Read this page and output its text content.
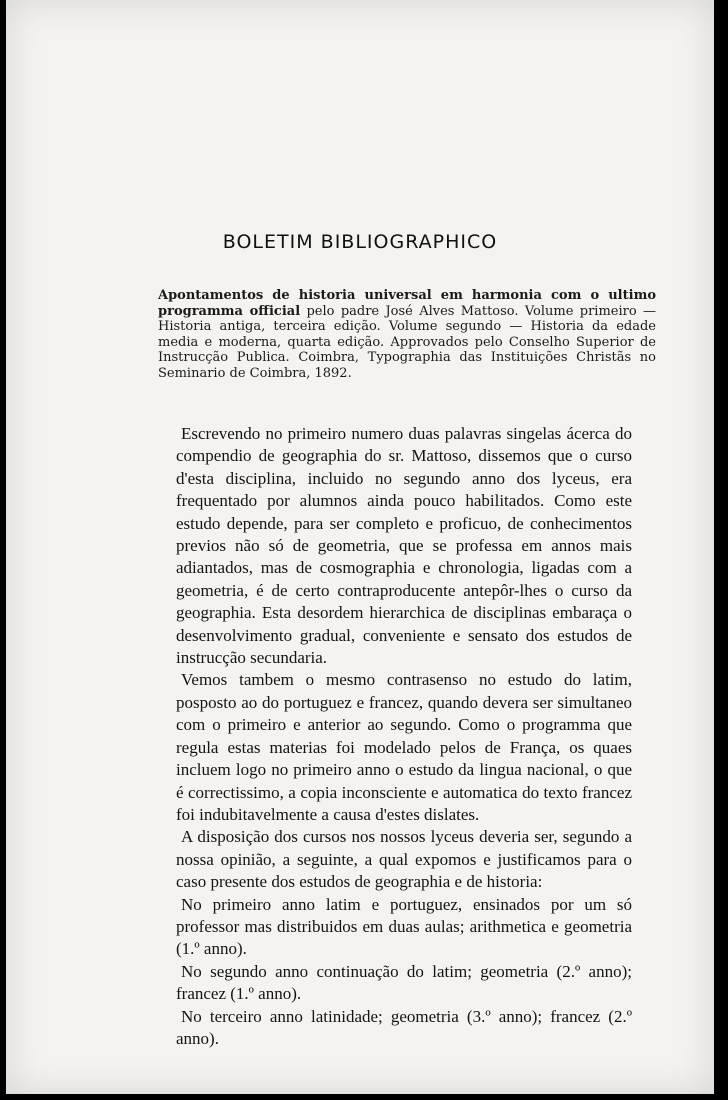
BOLETIM BIBLIOGRAPHICO
Apontamentos de historia universal em harmonia com o ultimo programma official pelo padre José Alves Mattoso. Volume primeiro —Historia antiga, terceira edição. Volume segundo — Historia da edade media e moderna, quarta edição. Approvados pelo Conselho Superior de Instrucção Publica. Coimbra, Typographia das Instituições Christãs no Seminario de Coimbra, 1892.

Escrevendo no primeiro numero duas palavras singelas ácerca do compendio de geographia do sr. Mattoso, dissemos que o curso d'esta disciplina, incluido no segundo anno dos lyceus, era frequentado por alumnos ainda pouco habilitados. Como este estudo depende, para ser completo e proficuo, de conhecimentos previos não só de geometria, que se professa em annos mais adiantados, mas de cosmographia e chronologia, ligadas com a geometria, é de certo contraproducente antepôr-lhes o curso da geographia. Esta desordem hierarchica de disciplinas embaraça o desenvolvimento gradual, conveniente e sensato dos estudos de instrucção secundaria.

Vemos tambem o mesmo contrasenso no estudo do latim, posposto ao do portuguez e francez, quando devera ser simultaneo com o primeiro e anterior ao segundo. Como o programma que regula estas materias foi modelado pelos de França, os quaes incluem logo no primeiro anno o estudo da lingua nacional, o que é correctissimo, a copia inconsciente e automatica do texto francez foi indubitavelmente a causa d'estes dislates.

A disposição dos cursos nos nossos lyceus deveria ser, segundo a nossa opinião, a seguinte, a qual expomos e justificamos para o caso presente dos estudos de geographia e de historia:

No primeiro anno latim e portuguez, ensinados por um só professor mas distribuidos em duas aulas; arithmetica e geometria (1.º anno).

No segundo anno continuação do latim; geometria (2.º anno); francez (1.º anno).

No terceiro anno latinidade; geometria (3.º anno); francez (2.º anno).
